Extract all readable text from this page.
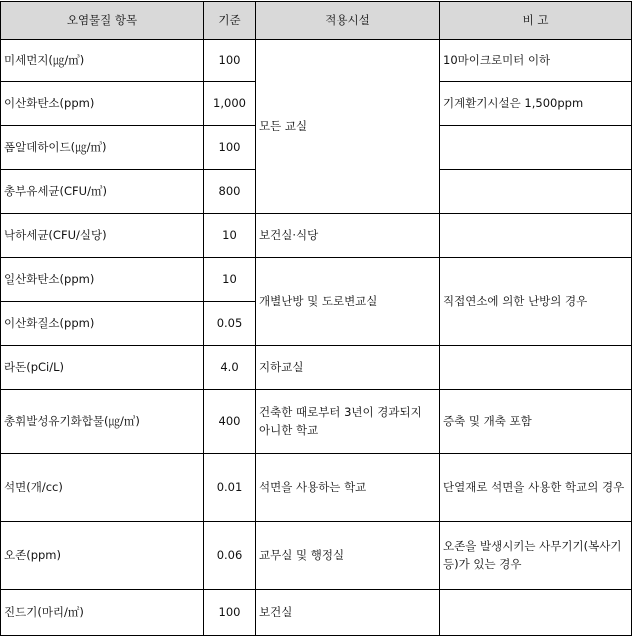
오염물질 항목	기준	적용시설	비 고
미세먼지(㎍/㎥)	100	모든 교실	10마이크로미터 이하
이산화탄소(ppm)	1,000		기계환기시설은 1,500ppm
폼알데하이드(㎍/㎥)	100		
총부유세균(CFU/㎥)	800		
낙하세균(CFU/실당)	10	보건실·식당	
일산화탄소(ppm)	10	개별난방 및 도로변교실	직접연소에 의한 난방의 경우
이산화질소(ppm)	0.05		
라돈(pCi/L)	4.0	지하교실	
총휘발성유기화합물(㎍/㎥)	400	건축한 때로부터 3년이 경과되지 아니한 학교	증축 및 개축 포함
석면(개/cc)	0.01	석면을 사용하는 학교	단열재로 석면을 사용한 학교의 경우
오존(ppm)	0.06	교무실 및 행정실	오존을 발생시키는 사무기기(복사기 등)가 있는 경우
진드기(마리/㎡)	100	보건실	
